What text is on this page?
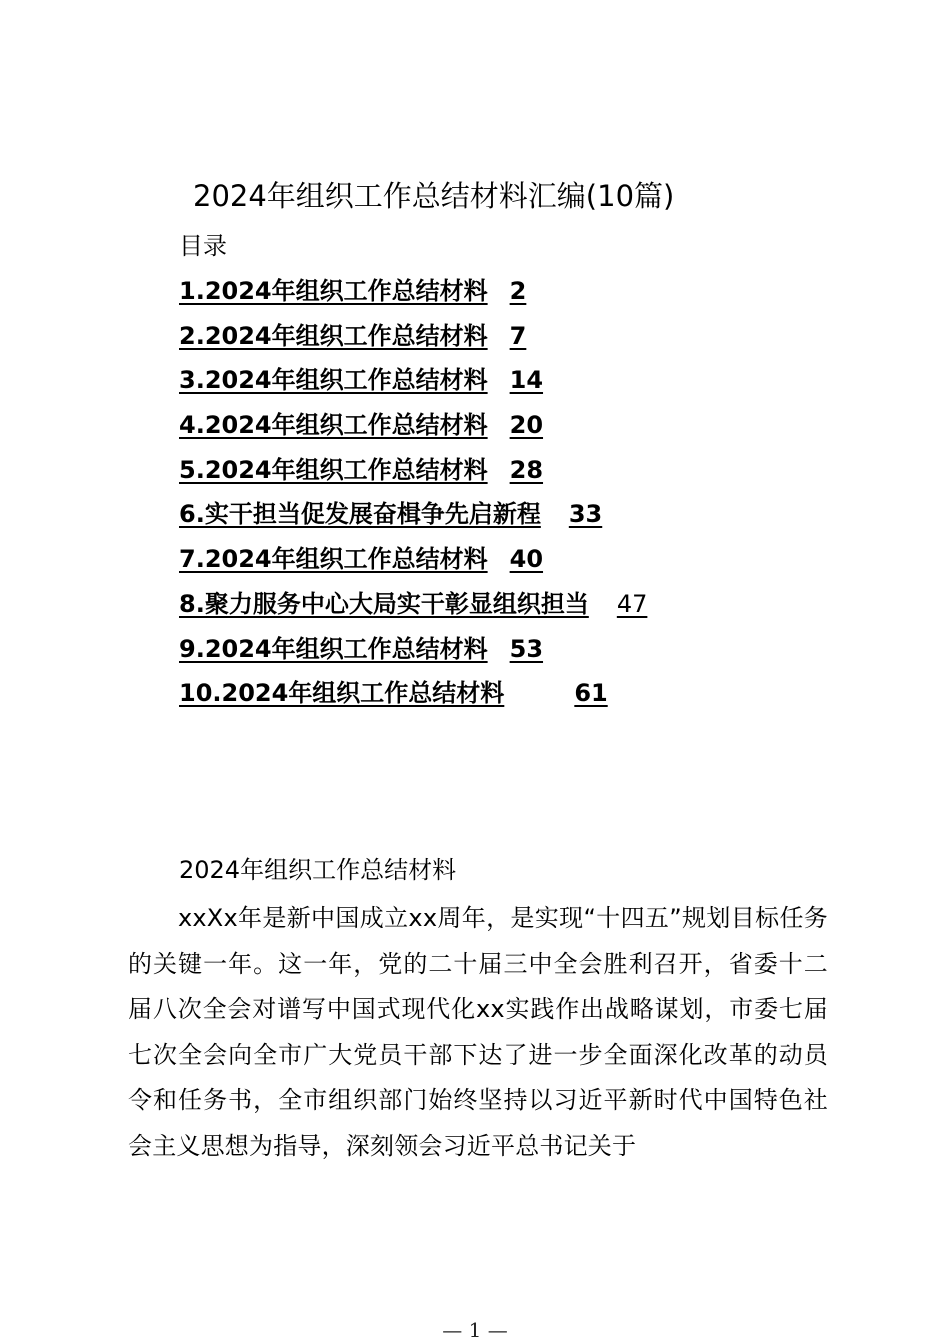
2024年组织工作总结材料汇编(10篇)
目录
1.2024年组织工作总结材料 2
2.2024年组织工作总结材料 7
3.2024年组织工作总结材料 14
4.2024年组织工作总结材料 20
5.2024年组织工作总结材料 28
6.实干担当促发展奋楫争先启新程 33
7.2024年组织工作总结材料 40
8.聚力服务中心大局实干彰显组织担当 47
9.2024年组织工作总结材料 53
10.2024年组织工作总结材料	61
2024年组织工作总结材料

xxXx年是新中国成立xx周年，是实现“十四五”规划目标任务的关键一年。这一年，党的二十届三中全会胜利召开，省委十二届八次全会对谱写中国式现代化xx实践作出战略谋划，市委七届七次全会向全市广大党员干部下达了进一步全面深化改革的动员令和任务书，全市组织部门始终坚持以习近平新时代中国特色社会主义思想为指导，深刻领会习近平总书记关于

— 1 —
